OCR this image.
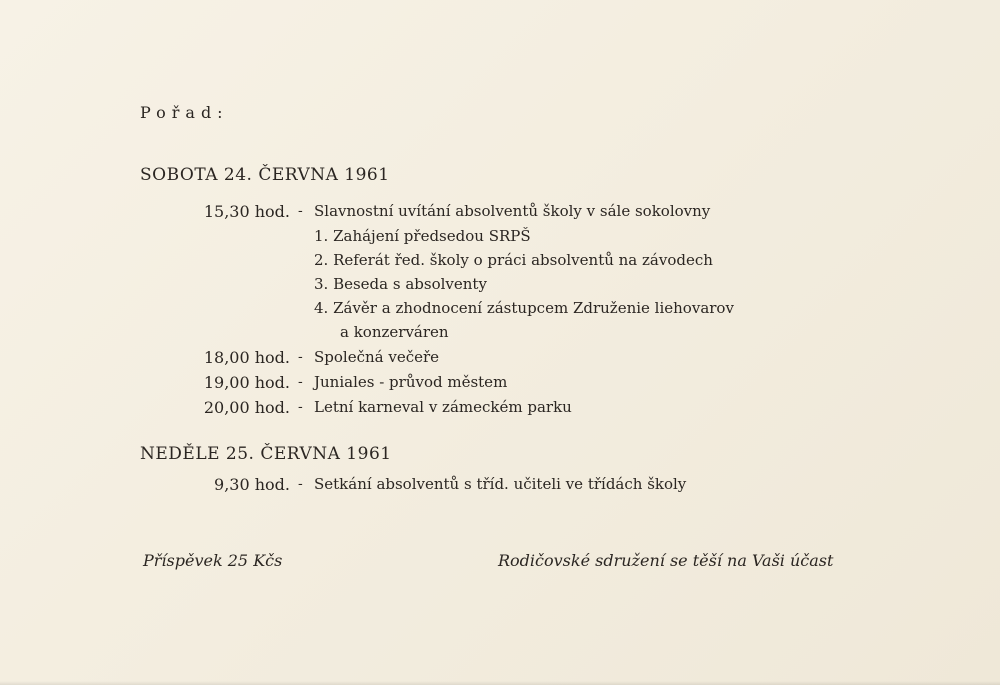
Pořad:
SOBOTA 24. ČERVNA 1961
15,30 hod. - Slavnostní uvítání absolventů školy v sále sokolovny
1. Zahájení předsedou SRPŠ
2. Referát řed. školy o práci absolventů na závodech
3. Beseda s absolventy
4. Závěr a zhodnocení zástupcem Združenie liehovarov
a konzerváren
18,00 hod. - Společná večeře
19,00 hod. - Juniales - průvod městem
20,00 hod. - Letní karneval v zámeckém parku
NEDĚLE 25. ČERVNA 1961
9,30 hod. - Setkání absolventů s tříd. učiteli ve třídách školy
Příspěvek 25 Kčs	Rodičovské sdružení se těší na Vaši účast
